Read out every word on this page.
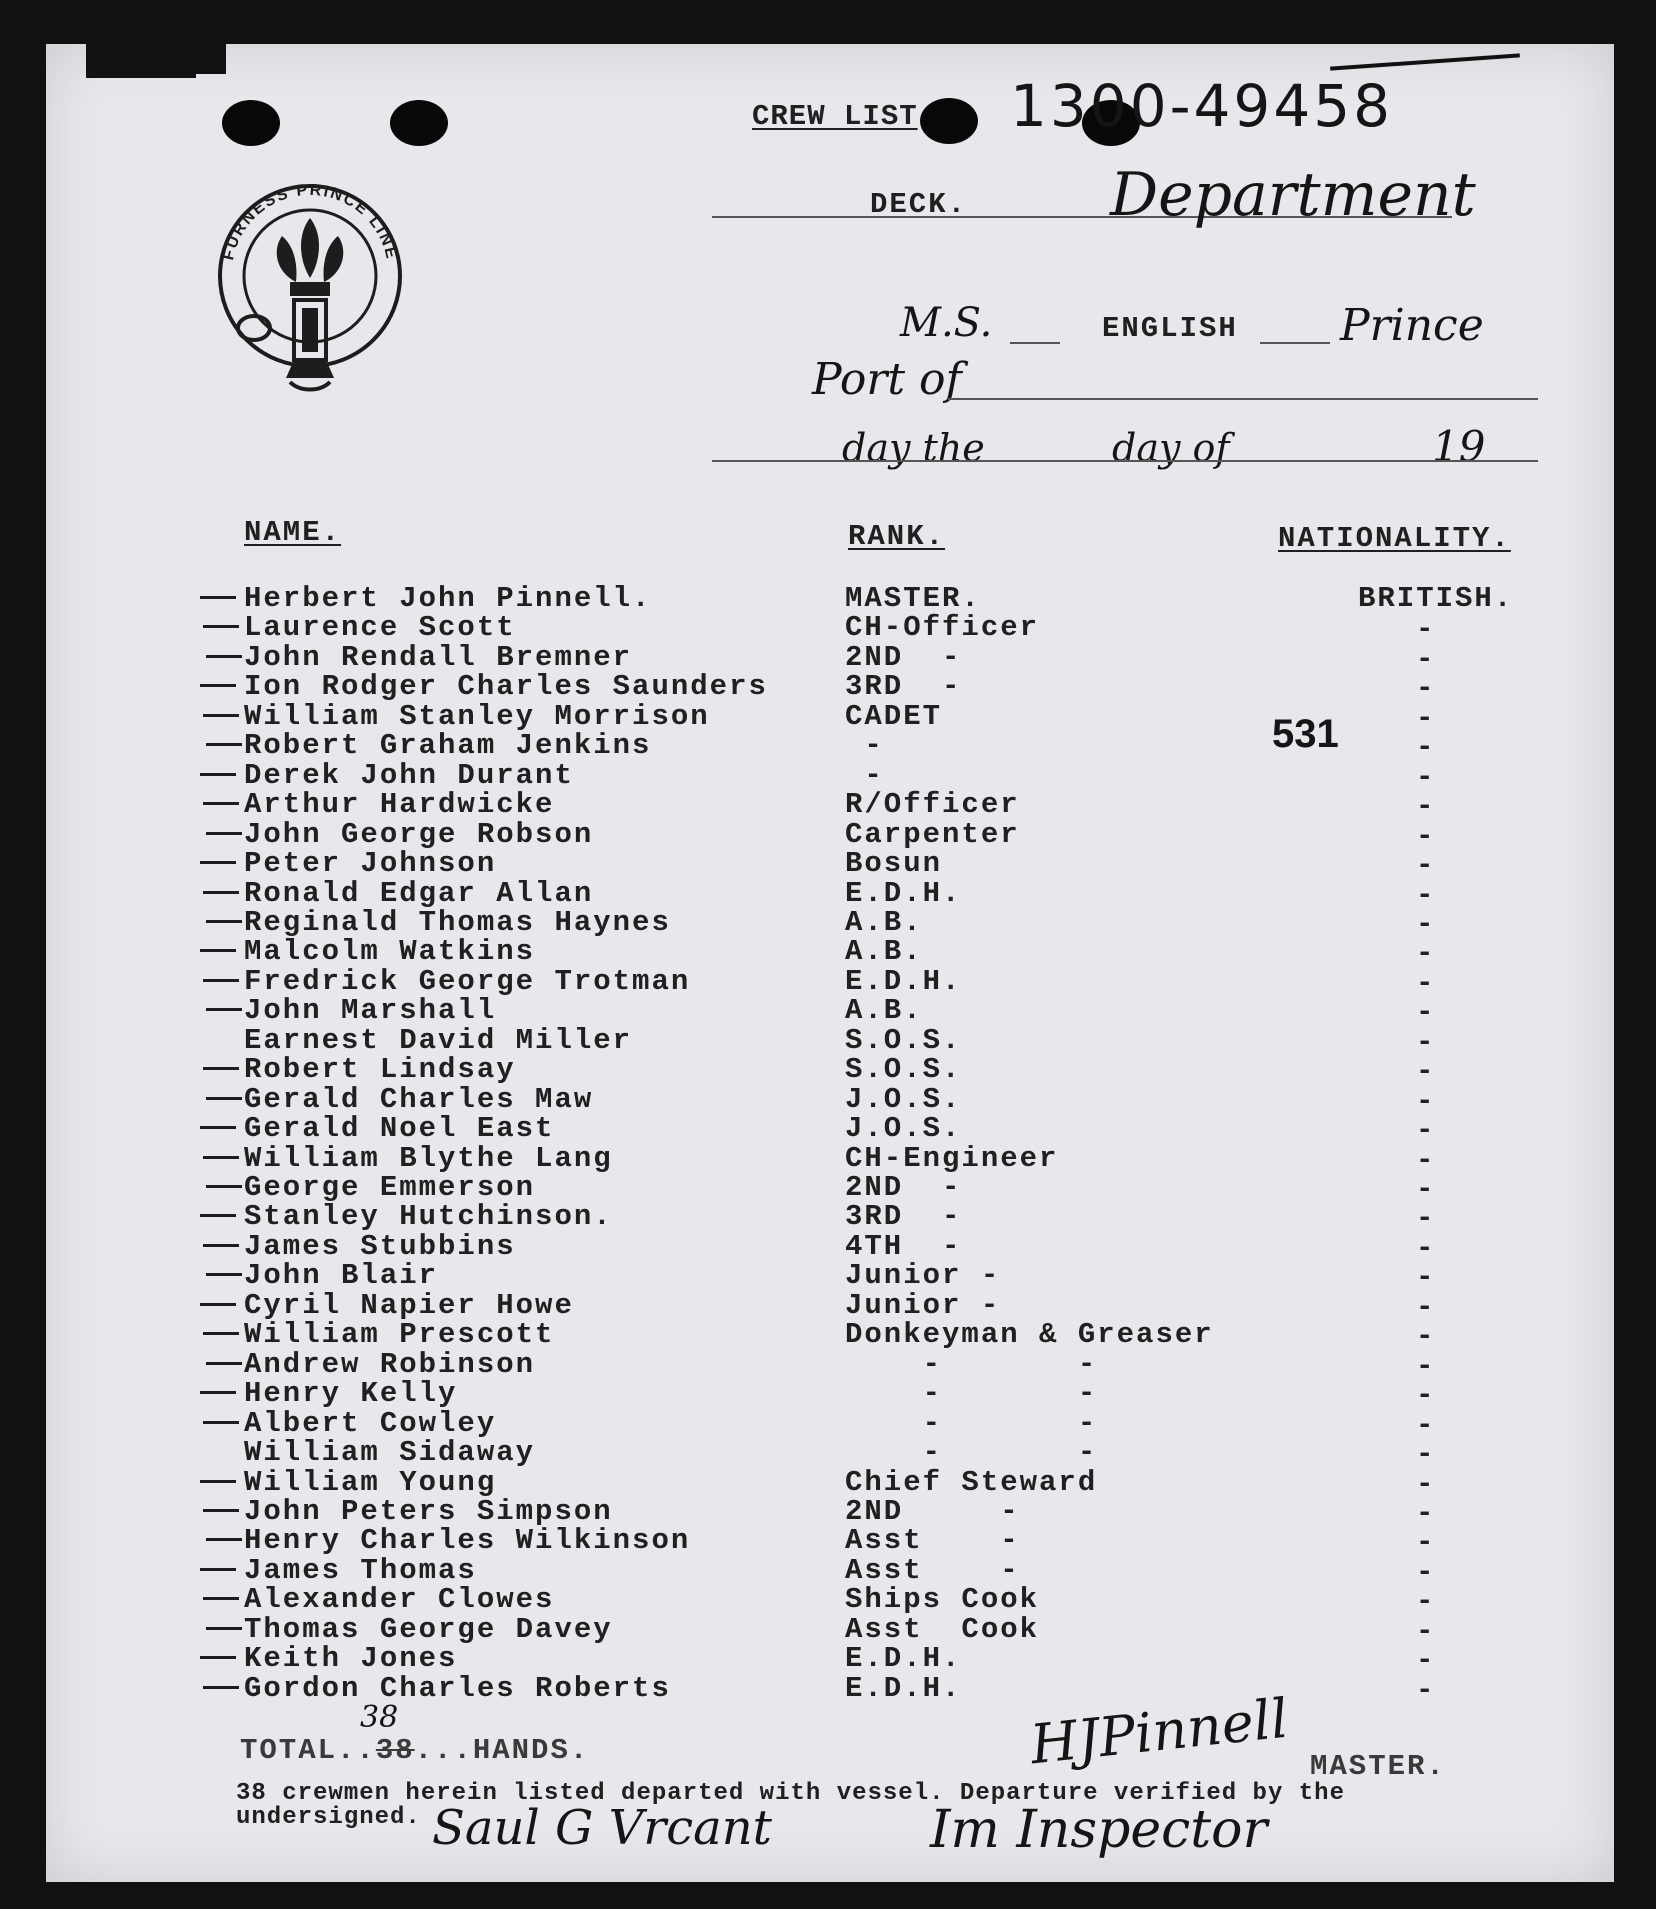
CREW LIST 1300-49458
DECK. Department
M.S.	ENGLISH Prince
Port of
day the	day of	19
FURNESS PRINCE LINE
NAME.	RANK.	NATIONALITY.
531
Herbert John Pinnell.	MASTER.	BRITISH.
Laurence Scott	CH-Officer	-
John Rendall Bremner	2ND  -	-
Ion Rodger Charles Saunders	3RD  -	-
William Stanley Morrison	CADET	-
Robert Graham Jenkins	-	-
Derek John Durant	-	-
Arthur Hardwicke	R/Officer	-
John George Robson	Carpenter	-
Peter Johnson	Bosun	-
Ronald Edgar Allan	E.D.H.	-
Reginald Thomas Haynes	A.B.	-
Malcolm Watkins	A.B.	-
Fredrick George Trotman	E.D.H.	-
John Marshall	A.B.	-
Earnest David Miller	S.O.S.	-
Robert Lindsay	S.O.S.	-
Gerald Charles Maw	J.O.S.	-
Gerald Noel East	J.O.S.	-
William Blythe Lang	CH-Engineer	-
George Emmerson	2ND  -	-
Stanley Hutchinson.	3RD  -	-
James Stubbins	4TH  -	-
John Blair	Junior -	-
Cyril Napier Howe	Junior -	-
William Prescott	Donkeyman & Greaser	-
Andrew Robinson	-       -	-
Henry Kelly	-       -	-
Albert Cowley	-       -	-
William Sidaway	-       -	-
William Young	Chief Steward	-
John Peters Simpson	2ND     -	-
Henry Charles Wilkinson	Asst    -	-
James Thomas	Asst    -	-
Alexander Clowes	Ships Cook	-
Thomas George Davey	Asst  Cook	-
Keith Jones	E.D.H.	-
Gordon Charles Roberts	E.D.H.	-
TOTAL..38...HANDS.
38	HJPinnell MASTER.
38 crewmen herein listed departed with vessel. Departure verified by the
undersigned. Saul G Vrcant	Im Inspector
